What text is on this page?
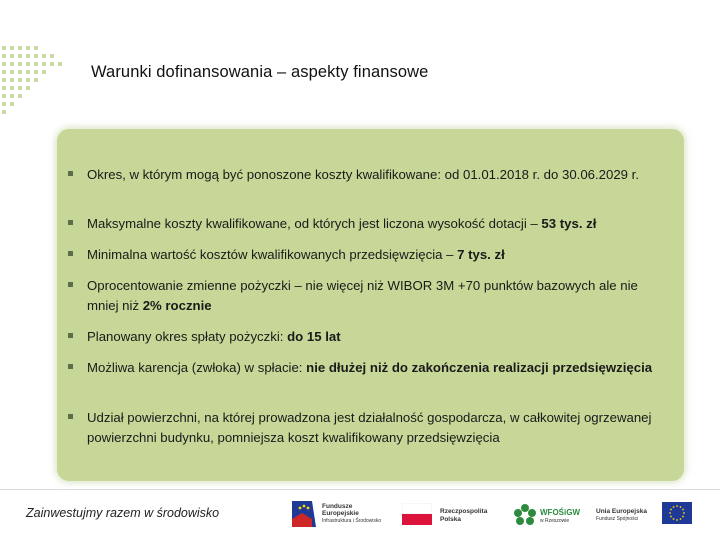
Warunki dofinansowania – aspekty finansowe
Okres, w którym mogą być ponoszone koszty kwalifikowane: od 01.01.2018 r. do 30.06.2029 r.
Maksymalne koszty kwalifikowane, od których jest liczona wysokość dotacji – 53 tys. zł
Minimalna wartość kosztów kwalifikowanych przedsięwzięcia – 7 tys. zł
Oprocentowanie zmienne pożyczki – nie więcej niż WIBOR 3M +70 punktów bazowych ale nie mniej niż 2% rocznie
Planowany okres spłaty pożyczki: do 15 lat
Możliwa karencja (zwłoka) w spłacie: nie dłużej niż do zakończenia realizacji przedsięwzięcia
Udział powierzchni, na której prowadzona jest działalność gospodarcza, w całkowitej ogrzewanej powierzchni budynku, pomniejsza koszt kwalifikowany przedsięwzięcia
Zainwestujmy razem w środowisko	Fundusze
Europejskie
Infrastruktura i Środowisko
Rzeczpospolita
Polska
WFOŚiGW
w Rzeszowie
Unia Europejska
Fundusz Spójności
